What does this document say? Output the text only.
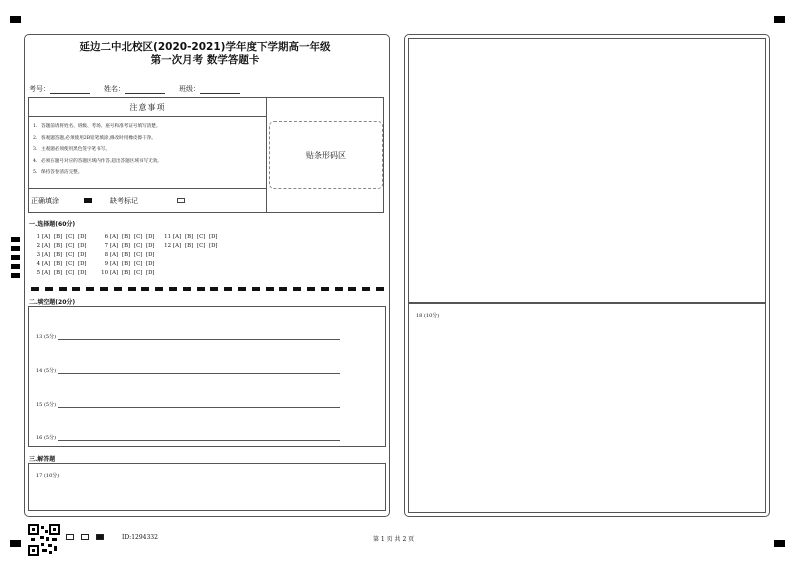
延边二中北校区(2020-2021)学年度下学期高一年级
第一次月考 数学答题卡
考号：	姓名：	班级：
注意事项
1. 答题前请将姓名、班级、考场、座号和准考证号填写清楚。
2. 客观题答题,必须使用2B铅笔填涂,修改时用橡皮擦干净。
3. 主观题必须使用黑色签字笔书写。
4. 必须在题号对应的答题区域内作答,超出答题区域书写无效。
5. 保持答卷清洁完整。
贴条形码区
正确填涂	缺考标记
一.选择题(60分)
1 [A] [B] [C] [D]
2 [A] [B] [C] [D]
3 [A] [B] [C] [D]
4 [A] [B] [C] [D]
5 [A] [B] [C] [D]
6 [A] [B] [C] [D]
7 [A] [B] [C] [D]
8 [A] [B] [C] [D]
9 [A] [B] [C] [D]
10 [A] [B] [C] [D]
11 [A] [B] [C] [D]
12 [A] [B] [C] [D]
二.填空题(20分)
13 (5分)
14 (5分)
15 (5分)
16 (5分)
三.解答题
17 (10分)
ID:1294332	第 1 页 共 2 页
18 (10分)
